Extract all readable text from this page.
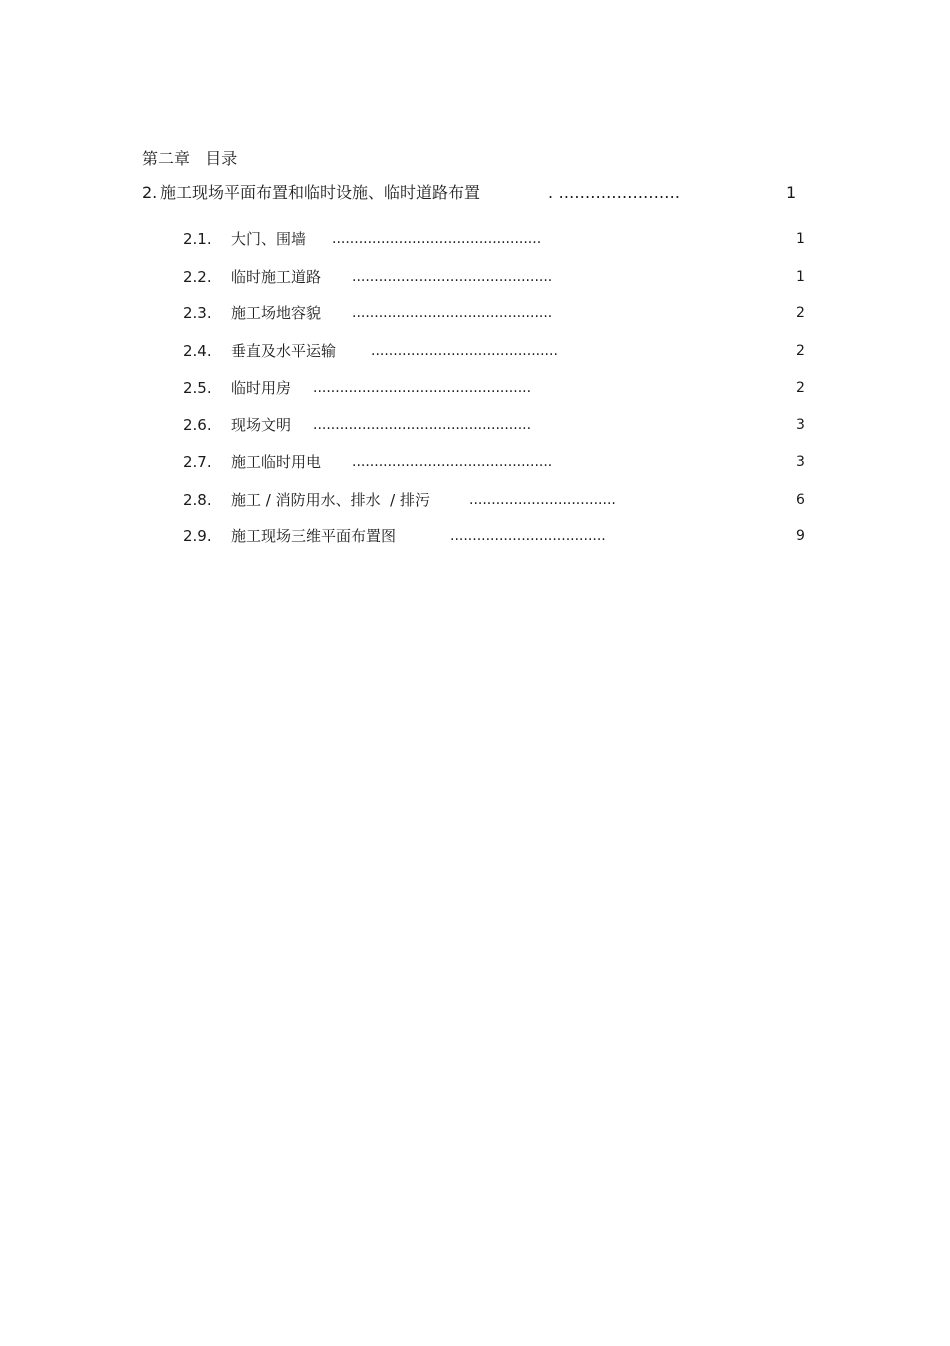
第二章   目录
2. 施工现场平面布置和临时设施、临时道路布置	. .......................	1
2.1. 大门、围墙 ...............................................	1
2.2. 临时施工道路 .............................................	1
2.3. 施工场地容貌 .............................................	2
2.4. 垂直及水平运输 ..........................................	2
2.5. 临时用房 .................................................	2
2.6. 现场文明 .................................................	3
2.7. 施工临时用电 .............................................	3
2.8. 施工 / 消防用水、排水  / 排污	.................................	6
2.9. 施工现场三维平面布置图	...................................	9
